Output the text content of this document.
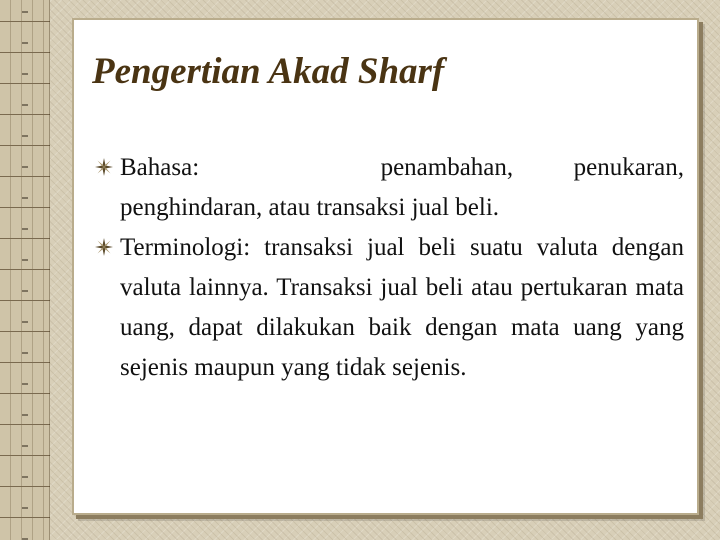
Pengertian Akad Sharf
Bahasa:                  penambahan,      penukaran, penghindaran, atau transaksi jual beli.
Terminologi: transaksi jual beli suatu valuta dengan valuta lainnya. Transaksi jual beli atau pertukaran mata uang, dapat dilakukan baik dengan mata uang yang sejenis maupun yang tidak sejenis.
